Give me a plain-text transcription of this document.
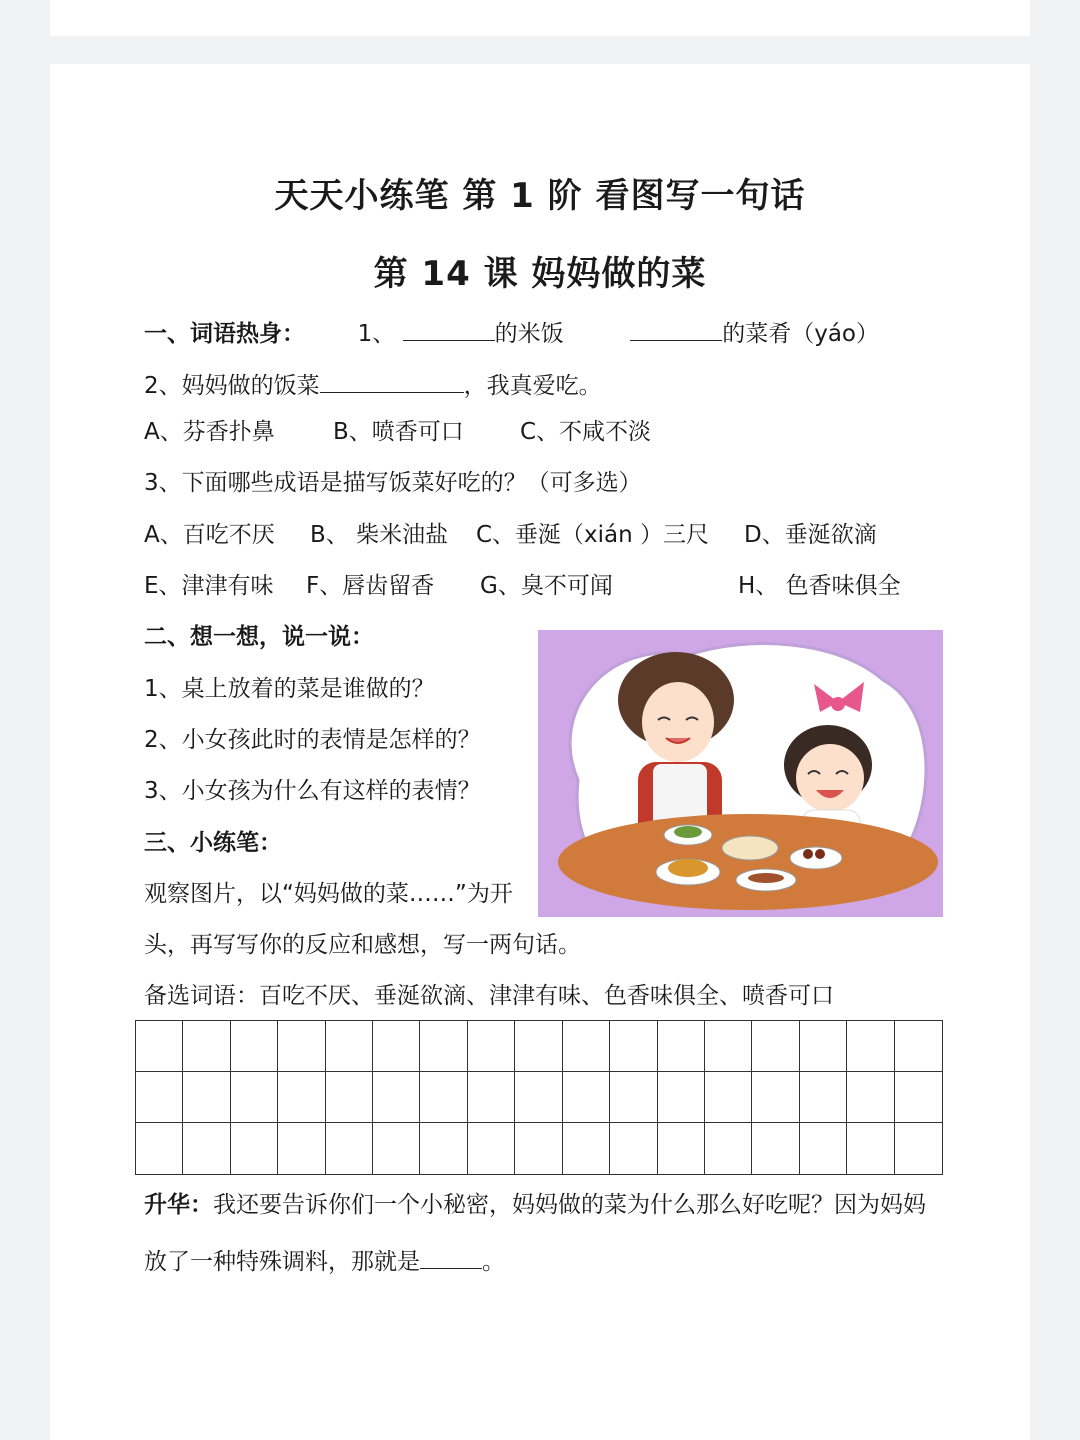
天天小练笔 第 1 阶 看图写一句话
第 14 课 妈妈做的菜
一、词语热身： 1、	的米饭	的菜肴（yáo）
2、妈妈做的饭菜	，我真爱吃。
A、芬香扑鼻	B、喷香可口 C、不咸不淡
3、下面哪些成语是描写饭菜好吃的？（可多选）
A、百吃不厌 B、 柴米油盐 C、垂涎（xián ）三尺 D、垂涎欲滴
E、津津有味 F、唇齿留香 G、臭不可闻	H、 色香味俱全
二、想一想，说一说：
1、桌上放着的菜是谁做的？
2、小女孩此时的表情是怎样的？
3、小女孩为什么有这样的表情？
三、小练笔：
观察图片，以“妈妈做的菜……”为开
头，再写写你的反应和感想，写一两句话。
备选词语：百吃不厌、垂涎欲滴、津津有味、色香味俱全、喷香可口
升华：我还要告诉你们一个小秘密，妈妈做的菜为什么那么好吃呢？因为妈妈
放了一种特殊调料，那就是	。
